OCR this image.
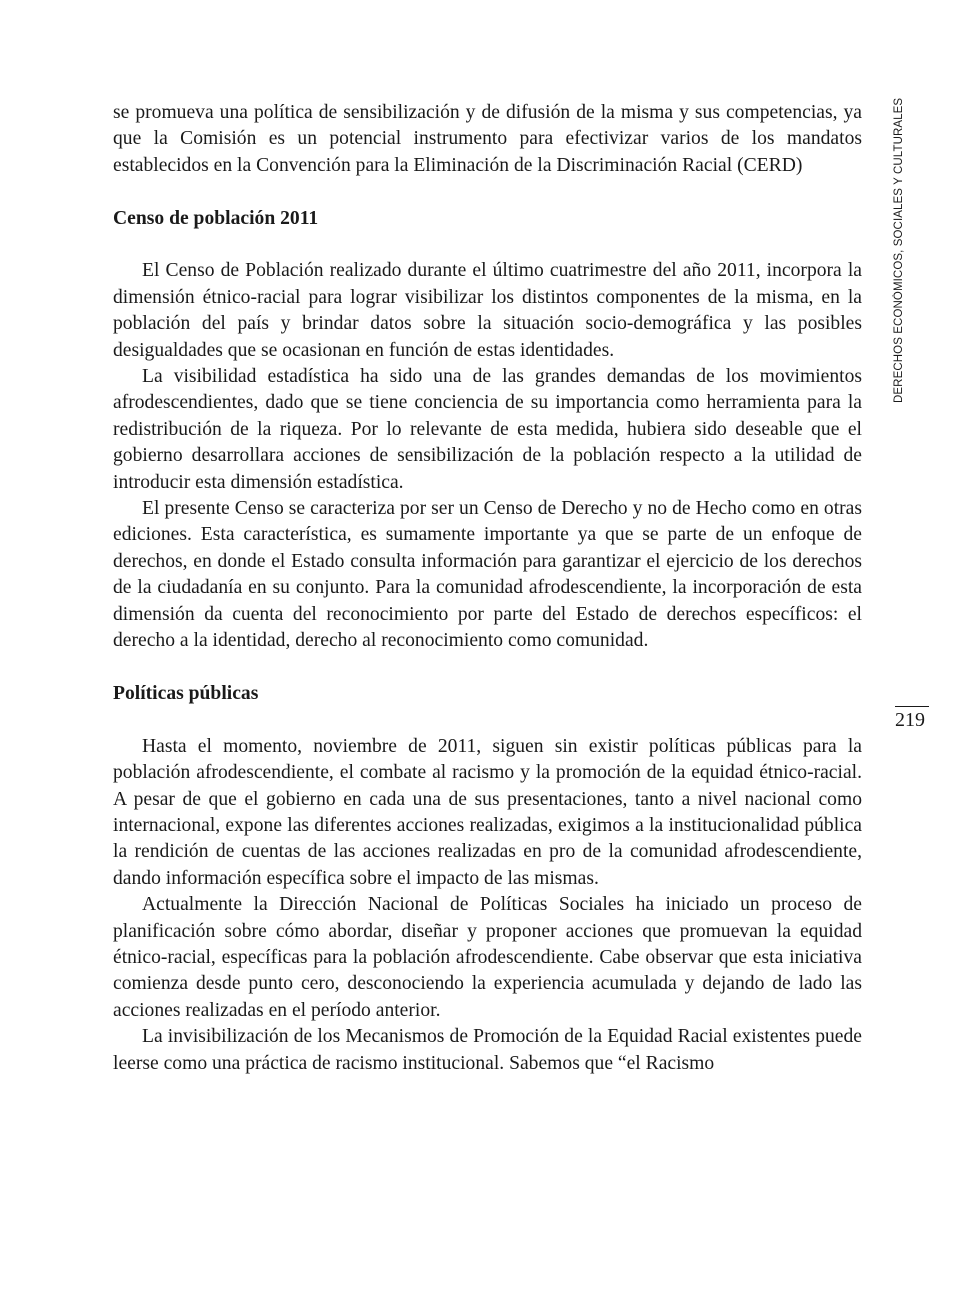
DERECHOS ECONÓMICOS, SOCIALES Y CULTURALES
219

se promueva una política de sensibilización y de difusión de la misma y sus competencias, ya que la Comisión es un potencial instrumento para efectivizar varios de los mandatos establecidos en la Convención para la Eliminación de la Discriminación Racial (CERD)

Censo de población 2011

El Censo de Población realizado durante el último cuatrimestre del año 2011, incorpora la dimensión étnico-racial para lograr visibilizar los distintos componentes de la misma, en la población del país y brindar datos sobre la situación socio-demográfica y las posibles desigualdades que se ocasionan en función de estas identidades.

La visibilidad estadística ha sido una de las grandes demandas de los movimientos afrodescendientes, dado que se tiene conciencia de su importancia como herramienta para la redistribución de la riqueza. Por lo relevante de esta medida, hubiera sido deseable que el gobierno desarrollara acciones de sensibilización de la población respecto a la utilidad de introducir esta dimensión estadística.

El presente Censo se caracteriza por ser un Censo de Derecho y no de Hecho como en otras ediciones. Esta característica, es sumamente importante ya que se parte de un enfoque de derechos, en donde el Estado consulta información para garantizar el ejercicio de los derechos de la ciudadanía en su conjunto. Para la comunidad afrodescendiente, la incorporación de esta dimensión da cuenta del reconocimiento por parte del Estado de derechos específicos: el derecho a la identidad, derecho al reconocimiento como comunidad.

Políticas públicas

Hasta el momento, noviembre de 2011, siguen sin existir políticas públicas para la población afrodescendiente, el combate al racismo y la promoción de la equidad étnico-racial. A pesar de que el gobierno en cada una de sus presentaciones, tanto a nivel nacional como internacional, expone las diferentes acciones realizadas, exigimos a la institucionalidad pública la rendición de cuentas de las acciones realizadas en pro de la comunidad afrodescendiente, dando información específica sobre el impacto de las mismas.

Actualmente la Dirección Nacional de Políticas Sociales ha iniciado un proceso de planificación sobre cómo abordar, diseñar y proponer acciones que promuevan la equidad étnico-racial, específicas para la población afrodescendiente. Cabe observar que esta iniciativa comienza desde punto cero, desconociendo la experiencia acumulada y dejando de lado las acciones realizadas en el período anterior.

La invisibilización de los Mecanismos de Promoción de la Equidad Racial existentes puede leerse como una práctica de racismo institucional. Sabemos que “el Racismo
